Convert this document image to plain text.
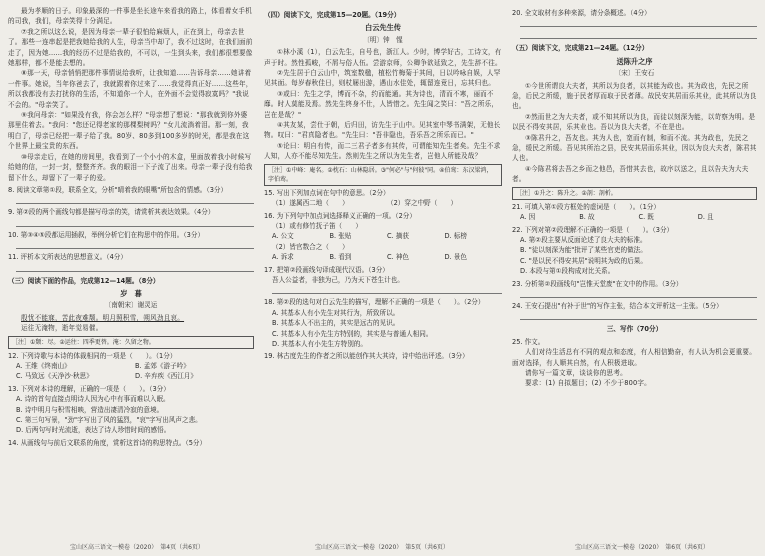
最为孝顺的日子。印象最深的一件事是坐长途车来看我的路上，体看着女手机的司我，我们，母亲笑得十分满足。

⑦我之所以这么说，是因为母亲一辈子很怕给麻烦人，正在到上，母亲去世了。那些一连串起是把我她给我的人生，母亲当中却了，我不过这时，在我们面前走了，因为她……我的经历不过是给我的，不可以，一生到头来，我们都很想要像她那样，都不是能去想的。

⑧那一天，母亲悄悄把那件事情说给我听，让我知道……告诉母亲……她讲着一件事。她说，当年你爸去了，我就跟着你过来了……我觉得真正好……这些年，所以我都没有去打扰你的生活，不知道你一个人，在外面不会觉得寂寞吗？"我说不会的。"母亲笑了。

⑨我问母亲："如果没有我，你会怎么样？"母亲想了想说："那我就到你外婆那里住着去。"我问："您还记得老家的那棵梨树吗？"女儿流淌着泪。那一刻，我明白了，母亲已经把一辈子给了我。80岁、80多到100多岁的时光，都是我在这个世界上最宝贵的东西。

⑩母亲走后，在她的房间里，我看到了一个小小的木盒，里面放着我小时候写给她的信，一封一封，整整齐齐。我的眼泪一下子流了出来。母亲一辈子没有给我留下什么，却留下了一辈子的爱。

8. 阅读文章第①段，联系全文，分析"晴着我的眼嘴"所包含的情感。（3分）
9. 第②段的两个画线句都是描写母亲的笑，请赏析其表达效果。（4分）
10. 第③④⑤段都运用插叙，举例分析它们在构思中的作用。（3分）
11. 评析本文所表达的思想意义。（4分）
（三）阅读下面的作品，完成第12—14题。（8分）
岁　暮
〔南朝宋〕谢灵运

殷忧不能寐，苦此夜难颓。明月照积雪，朔风劲且哀。

运往无淹物，逝年觉易催。

［注］①颓：尽。②运往：四季更替。淹：久留之物。
12. 下列诗歌与本诗的体裁相同的一项是（　　）。（1分）
A. 王维《终南山》	B. 孟郊《游子吟》
C. 马致远《天净沙·秋思》	D. 辛弃疾《西江月》
13. 下列对本诗的理解，正确的一项是（　　）。（3分）
A. 诗的首句直接点明诗人因为心中有事而难以入眠。
B. 诗中明月与积雪相映，营造出凄清冷寂的意境。
C. 第三句写景，"劲"字写出了风的猛烈，"哀"字写出风声之悲。
D. 后两句写时光流逝，表达了诗人珍惜时间的感悟。
14. 从画线句与前后文联系的角度，赏析这首诗的构思特点。（5分）
（四）阅读下文，完成第15—20题。（19分）
白云先生传
〔明〕钟　惺

①林小溪（1），白云先生，自号也，浙江人。少时，博学好古，工诗文，有声于时。然性孤峻，不屑与俗人伍。尝游京师，公卿争欲延致之，先生辞不往。

②先生居于白云山中，筑室数楹，植松竹梅菊于其间，日以吟咏自娱，人罕见其面。每岁春秋佳日，则杖屦出游，遇山水佳处，辄留连竟日，忘其归也。

③或曰：先生之学，博而不杂，约而能通。其为诗也，清而不寒，丽而不靡。时人莫能及焉。然先生终身不仕，人皆惜之。先生闻之笑曰："吾之所乐，岂在是哉？"

④其友某，尝仕于朝，后归田，访先生于山中。见其室中琴书满架，无他长物。叹曰："君真隐者也。"先生曰："吾非隐也，吾乐吾之所乐而已。"

⑤论曰：明自有传，而二三君子者多有其传，可谓能知先生者矣。先生不求人知，人亦不能尽知先生。然则先生之所以为先生者，岂他人所能及哉？

［注］①中峰：庵名。②枕石：山林隐居。③"何必"与"何彼"同。④伯鸾：东汉梁鸿，字伯鸾。
15. 写出下列加点词在句中的意思。（2分）
（1）遂属西二地（　　）	（2）穿之中野（　　）
16. 为下列句中加点词选择释义正确的一项。（2分）
（1）或有修竹抚子笛（　　）
A. 公文	B. 张贴	C. 摘获	D. 标榜
（2）皆官数合之（　　）
A. 诉求	B. 看到	C. 神色	D. 景色
17. 把第②段画线句译成现代汉语。（3分）
吾人公益者，非独为己，乃为天下苍生计也。
18. 第②段的选句对白云先生的描写，理解不正确的一项是（　　）。（2分）
A. 其基本人有小先生对其行为，所致所以。
B. 其基本人不出主的，其实是远古的见识。
C. 其基本人有小先生方特别的，其实是与普通人相同。
D. 其基本人有小先生方特别的。
19. 林古度先生的作者之所以能创作其大其诗，诗中给出评述。（3分）
20. 全文取材有多种来源，请分条概述。（4分）
（五）阅读下文，完成第21—24题。（12分）
送陈升之序
〔宋〕王安石

①今世所谓良大夫者，其所以为良者，以其能为政也。其为政也，先民之所急，后民之所缓，施于民者厚而取于民者薄。故民安其居而乐其业，此其所以为良也。

②然而世之为大夫者，或不知其所以为良，而徒以刻深为能，以苛察为明。是以民不得安其居，乐其业也。吾以为良大夫者，不在是也。

③陈君升之，吾友也。其为人也，宽而有制，和而不流。其为政也，先民之急，缓民之所缓。吾见其所治之县，民安其居而乐其业，因以为良大夫者，陈君其人也。

④今陈君将去吾之乡而之他邑，吾惜其去也，故序以送之，且以告夫为大夫者。

［注］①升之：陈升之。②剖：剖析。
21. 可填入第①段方框处的虚词是（　　）。（1分）
A. 因	B. 故	C. 既	D. 且
22. 下列对第②段理解不正确的一项是（　　）。（3分）
A. 第②段主要从反面论述了良大夫的标准。
B. "徒以刻深为能"批评了某些官吏的做法。
C. "是以民不得安其居"说明其为政的后果。
D. 本段与第①段构成对比关系。
23. 分析第②段画线句"岂惟天堂废"在文中的作用。（3分）
24. 王安石提出"有补于世"的写作主张，结合本文评析这一主张。（5分）
三、写作（70分）
25. 作文。

人们对待生活总有不同的观点和态度，有人相信勤奋，有人认为机会更重要。面对选择，有人顺其自然，有人积极进取。

请你写一篇文章，谈谈你的思考。

要求：(1) 自拟题目；(2) 不少于800字。

宝山区高三语文一模卷（2020）　第4页（共6页）	宝山区高三语文一模卷（2020）　第5页（共6页）	宝山区高三语文一模卷（2020）　第6页（共6页）
